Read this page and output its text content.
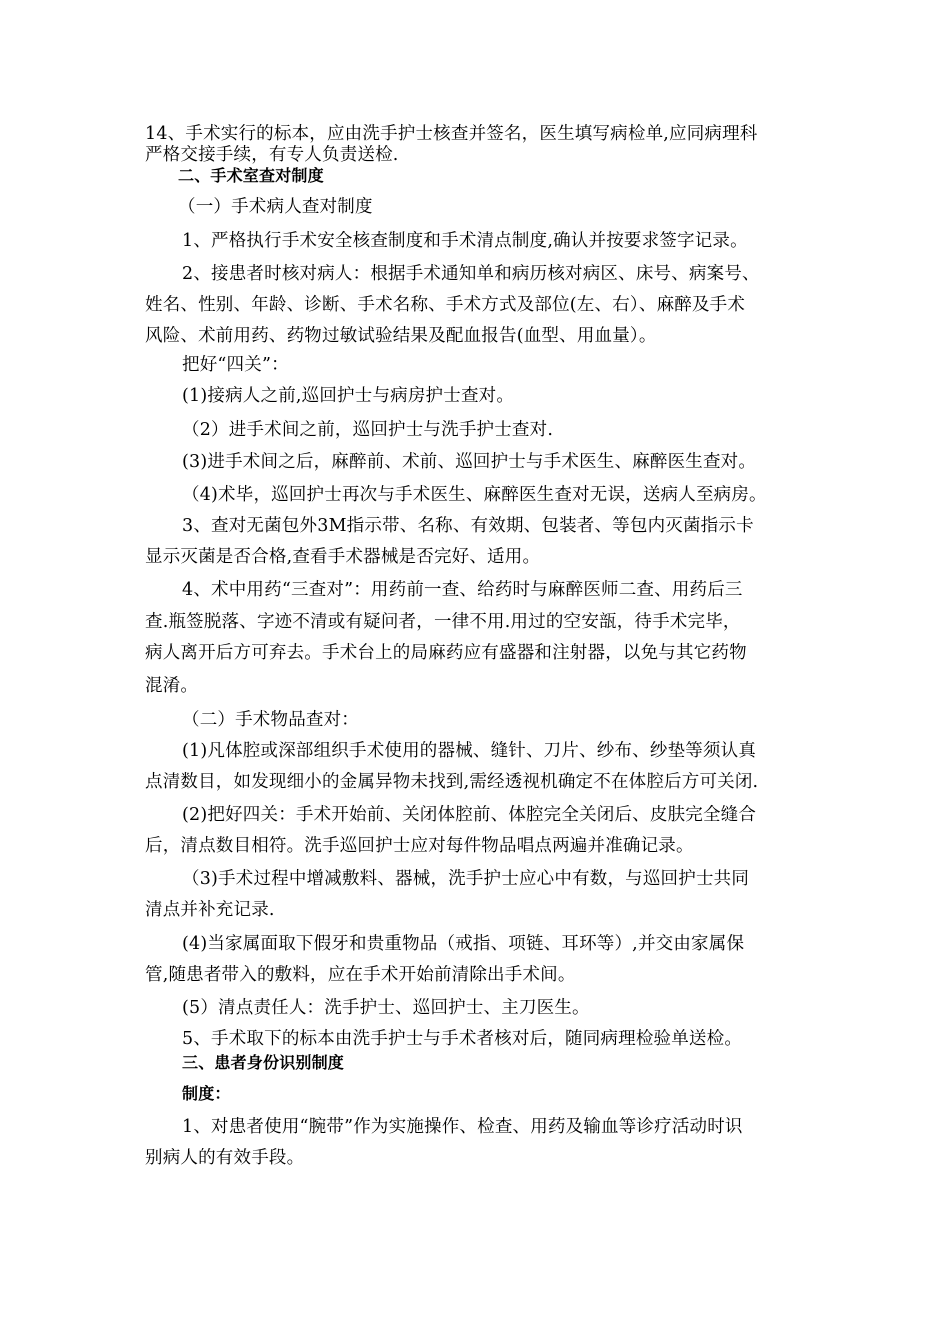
14、手术实行的标本，应由洗手护士核查并签名，医生填写病检单,应同病理科
严格交接手续，有专人负责送检.
二、手术室查对制度
（一）手术病人查对制度
1、严格执行手术安全核查制度和手术清点制度,确认并按要求签字记录。
2、接患者时核对病人：根据手术通知单和病历核对病区、床号、病案号、
姓名、性别、年龄、诊断、手术名称、手术方式及部位(左、右）、麻醉及手术
风险、术前用药、药物过敏试验结果及配血报告(血型、用血量）。
把好“四关”：
(1)接病人之前,巡回护士与病房护士查对。
（2）进手术间之前，巡回护士与洗手护士查对.
(3)进手术间之后，麻醉前、术前、巡回护士与手术医生、麻醉医生查对。
（4)术毕，巡回护士再次与手术医生、麻醉医生查对无误，送病人至病房。
3、查对无菌包外3M指示带、名称、有效期、包装者、等包内灭菌指示卡
显示灭菌是否合格,查看手术器械是否完好、适用。
4、术中用药“三查对”：用药前一查、给药时与麻醉医师二查、用药后三
查.瓶签脱落、字迹不清或有疑问者，一律不用.用过的空安瓿，待手术完毕，
病人离开后方可弃去。手术台上的局麻药应有盛器和注射器，以免与其它药物
混淆。
（二）手术物品查对：
(1)凡体腔或深部组织手术使用的器械、缝针、刀片、纱布、纱垫等须认真
点清数目，如发现细小的金属异物未找到,需经透视机确定不在体腔后方可关闭.
(2)把好四关：手术开始前、关闭体腔前、体腔完全关闭后、皮肤完全缝合
后，清点数目相符。洗手巡回护士应对每件物品唱点两遍并准确记录。
（3)手术过程中增减敷料、器械，洗手护士应心中有数，与巡回护士共同
清点并补充记录.
(4)当家属面取下假牙和贵重物品（戒指、项链、耳环等）,并交由家属保
管,随患者带入的敷料，应在手术开始前清除出手术间。
(5）清点责任人：洗手护士、巡回护士、主刀医生。
5、手术取下的标本由洗手护士与手术者核对后，随同病理检验单送检。
三、患者身份识别制度
制度：
1、对患者使用“腕带”作为实施操作、检查、用药及输血等诊疗活动时识
别病人的有效手段。
